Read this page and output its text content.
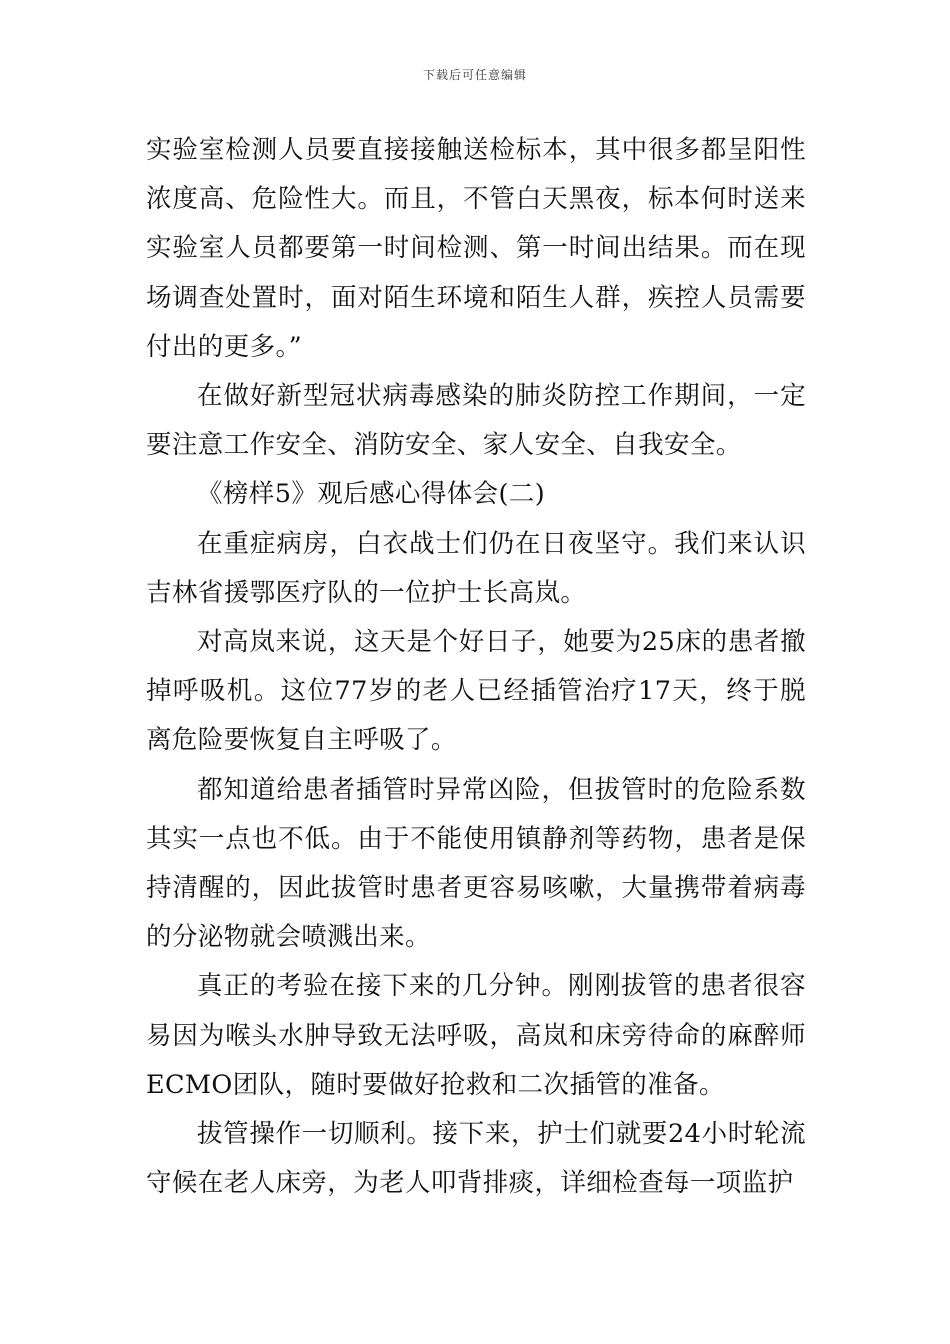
下载后可任意编辑

实验室检测人员要直接接触送检标本，其中很多都呈阳性浓度高、危险性大。而且，不管白天黑夜，标本何时送来实验室人员都要第一时间检测、第一时间出结果。而在现场调查处置时，面对陌生环境和陌生人群，疾控人员需要付出的更多。”

在做好新型冠状病毒感染的肺炎防控工作期间，一定要注意工作安全、消防安全、家人安全、自我安全。

《榜样5》观后感心得体会(二)

在重症病房，白衣战士们仍在日夜坚守。我们来认识吉林省援鄂医疗队的一位护士长高岚。

对高岚来说，这天是个好日子，她要为25床的患者撤掉呼吸机。这位77岁的老人已经插管治疗17天，终于脱离危险要恢复自主呼吸了。

都知道给患者插管时异常凶险，但拔管时的危险系数其实一点也不低。由于不能使用镇静剂等药物，患者是保持清醒的，因此拔管时患者更容易咳嗽，大量携带着病毒的分泌物就会喷溅出来。

真正的考验在接下来的几分钟。刚刚拔管的患者很容易因为喉头水肿导致无法呼吸，高岚和床旁待命的麻醉师ECMO团队，随时要做好抢救和二次插管的准备。

拔管操作一切顺利。接下来，护士们就要24小时轮流守候在老人床旁，为老人叩背排痰，详细检查每一项监护
